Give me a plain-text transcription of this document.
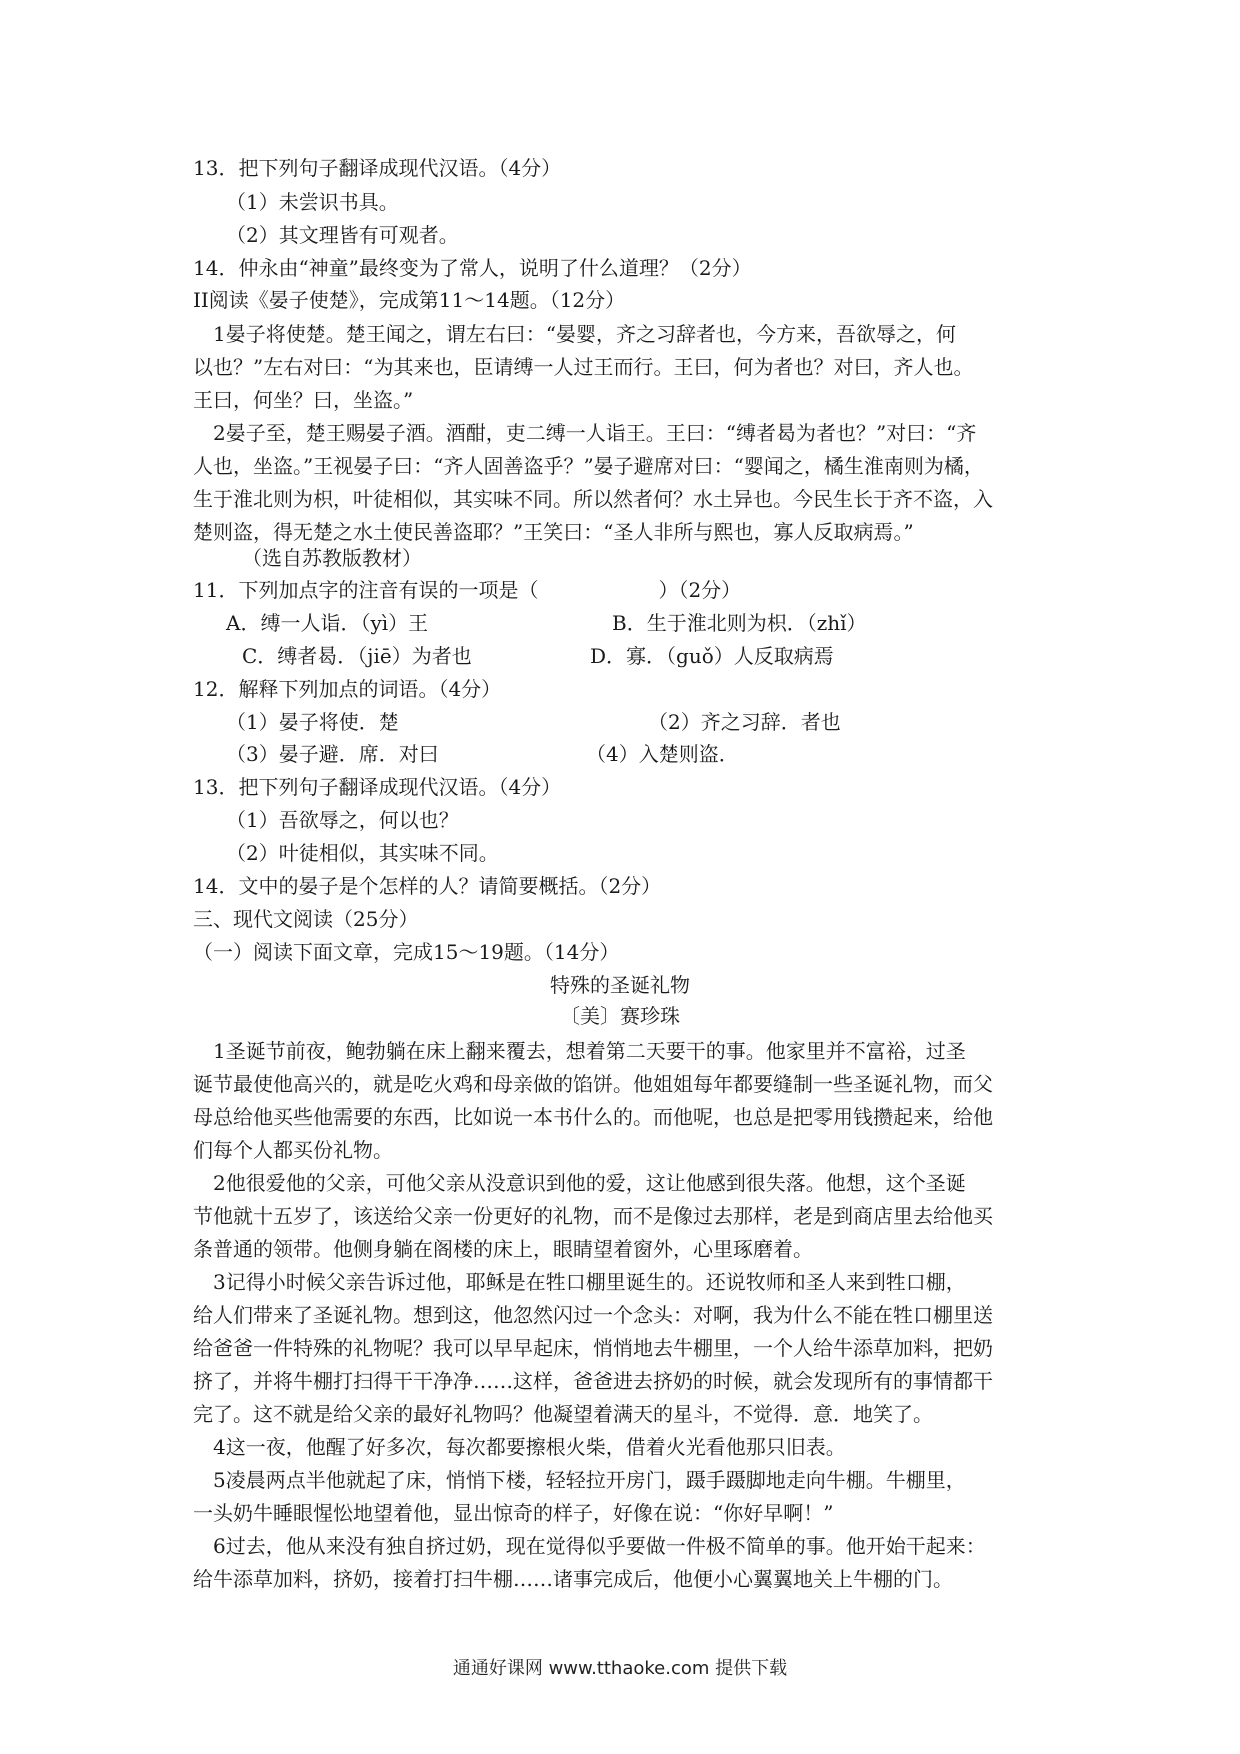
13．把下列句子翻译成现代汉语。（4分）
（1）未尝识书具。
（2）其文理皆有可观者。
14．仲永由“神童”最终变为了常人，说明了什么道理？（2分）
II阅读《晏子使楚》，完成第11～14题。（12分）
　1晏子将使楚。楚王闻之，谓左右曰：“晏婴，齐之习辞者也，今方来，吾欲辱之，何
以也？”左右对曰：“为其来也，臣请缚一人过王而行。王曰，何为者也？对曰，齐人也。
王曰，何坐？曰，坐盗。”
　2晏子至，楚王赐晏子酒。酒酣，吏二缚一人诣王。王曰：“缚者曷为者也？”对曰：“齐
人也，坐盗。”王视晏子曰：“齐人固善盗乎？”晏子避席对曰：“婴闻之，橘生淮南则为橘，
生于淮北则为枳，叶徒相似，其实味不同。所以然者何？水土异也。今民生长于齐不盗，入
楚则盗，得无楚之水土使民善盗耶？”王笑曰：“圣人非所与熙也，寡人反取病焉。”
（选自苏教版教材）
11．下列加点字的注音有误的一项是（　　　　　　）（2分）
A．缚一人诣．（yì）王	B．生于淮北则为枳．（zhǐ）
C．缚者曷．（jiē）为者也	D．寡．（guǒ）人反取病焉
12．解释下列加点的词语。（4分）
（1）晏子将使．楚	（2）齐之习辞．者也
（3）晏子避．席．对曰	（4）入楚则盗．
13．把下列句子翻译成现代汉语。（4分）
（1）吾欲辱之，何以也？
（2）叶徒相似，其实味不同。
14．文中的晏子是个怎样的人？请简要概括。（2分）
三、现代文阅读（25分）
（一）阅读下面文章，完成15～19题。（14分）
特殊的圣诞礼物
〔美〕赛珍珠
　1圣诞节前夜，鲍勃躺在床上翻来覆去，想着第二天要干的事。他家里并不富裕，过圣
诞节最使他高兴的，就是吃火鸡和母亲做的馅饼。他姐姐每年都要缝制一些圣诞礼物，而父
母总给他买些他需要的东西，比如说一本书什么的。而他呢，也总是把零用钱攒起来，给他
们每个人都买份礼物。
　2他很爱他的父亲，可他父亲从没意识到他的爱，这让他感到很失落。他想，这个圣诞
节他就十五岁了，该送给父亲一份更好的礼物，而不是像过去那样，老是到商店里去给他买
条普通的领带。他侧身躺在阁楼的床上，眼睛望着窗外，心里琢磨着。
　3记得小时候父亲告诉过他，耶稣是在牲口棚里诞生的。还说牧师和圣人来到牲口棚，
给人们带来了圣诞礼物。想到这，他忽然闪过一个念头：对啊，我为什么不能在牲口棚里送
给爸爸一件特殊的礼物呢？我可以早早起床，悄悄地去牛棚里，一个人给牛添草加料，把奶
挤了，并将牛棚打扫得干干净净……这样，爸爸进去挤奶的时候，就会发现所有的事情都干
完了。这不就是给父亲的最好礼物吗？他凝望着满天的星斗，不觉得．意．地笑了。
　4这一夜，他醒了好多次，每次都要擦根火柴，借着火光看他那只旧表。
　5凌晨两点半他就起了床，悄悄下楼，轻轻拉开房门，蹑手蹑脚地走向牛棚。牛棚里，
一头奶牛睡眼惺忪地望着他，显出惊奇的样子，好像在说：“你好早啊！”
　6过去，他从来没有独自挤过奶，现在觉得似乎要做一件极不简单的事。他开始干起来：
给牛添草加料，挤奶，接着打扫牛棚……诸事完成后，他便小心翼翼地关上牛棚的门。
通通好课网 www.tthaoke.com 提供下载
